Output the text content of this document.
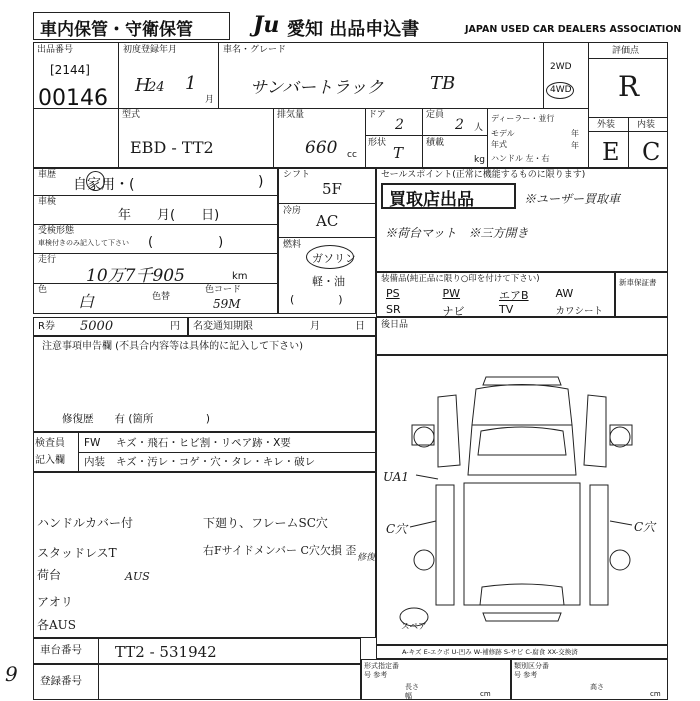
車内保管・守衛保管	Ju 愛知 出品申込書	JAPAN USED CAR DEALERS ASSOCIATION
出品番号
[2144]
00146
初度登録年月
H
24 1
月
車名・グレード
サンバートラック	TB
2WD
4WD
評価点
R
外装 内装
E C
型式
EBD - TT2
排気量
660 cc
ドア
2
形状
T
定員
2 人
積載
kg
ディーラー・並行
モデル 年式
年
年
ハンドル 左・右
車歴
自家用・(	)
車検
年　　月(　　日)
受検形態
車検付きのみ記入して下さい (　　　　　)
走行
10万7千905	km
色
白	色替
色コード
59M
シフト
5F
冷房
AC
燃料
ガソリン
軽・油
(　　　　)
セールスポイント(正常に機能するものに限ります)
買取店出品	※ユーザー買取車
※荷台マット　※三方開き
装備品(純正品に限り○印を付けて下さい)	新車保証書
PS	PW	エアB	AW
SR	ナビ	TV	カワシート
R券 5000	円 名変通知期限	月	日 後日品
注意事項申告欄 (不具合内容等は具体的に記入して下さい)
修復歴　　有 (箇所　　　　　)
検査員
記入欄
FW キズ・飛石・ヒビ割・リペア跡・X要
内装 キズ・汚レ・コゲ・穴・タレ・キレ・破レ
ハンドルカバー付
スタッドレスT
荷台	AUS
アオリ
各AUS
下廻り、フレームSC穴
右Fサイドメンバー C穴欠損 歪
修復
UA1
C穴	C穴
スペア
A-キズ E-エクボ U-凹み W-補修跡 S-サビ C-腐食 XX-交換済
車台番号 TT2 - 531942
登録番号
形式指定番号 参考
長さ
cm
幅
類別区分番号 参考
高さ
cm
9
